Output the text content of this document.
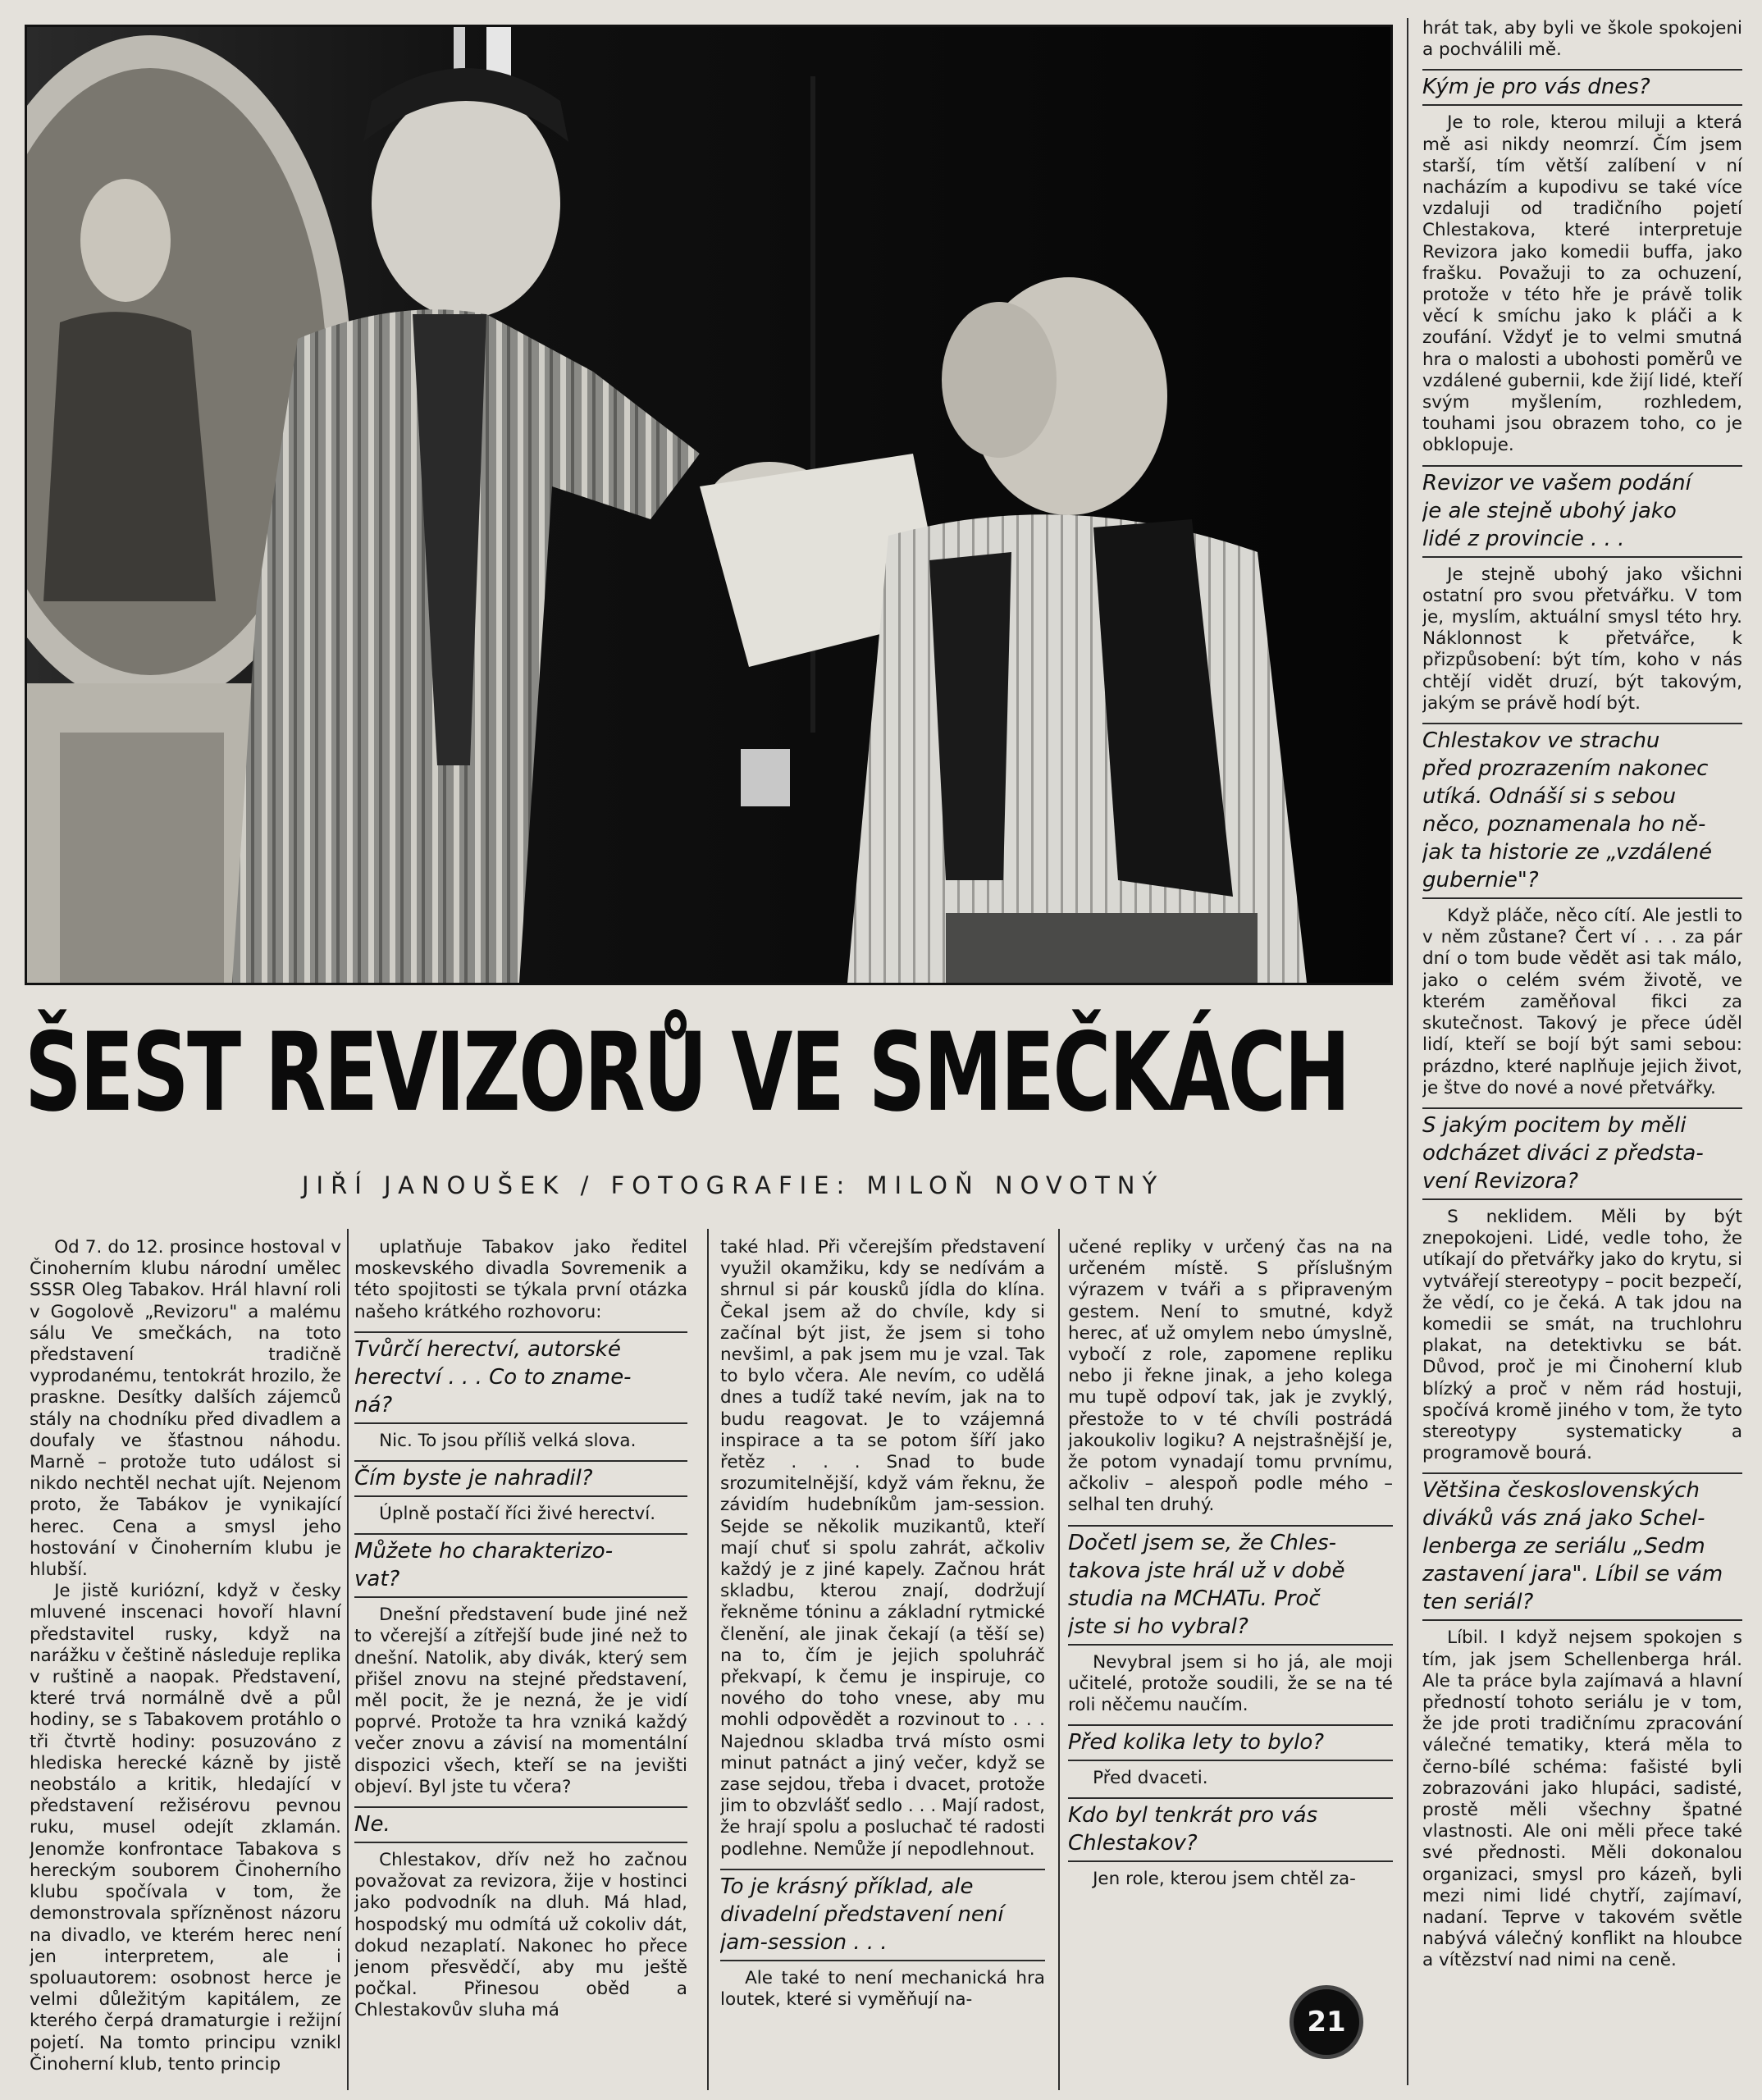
ŠEST REVIZORŮ VE SMEČKÁCH
JIŘÍ JANOUŠEK / FOTOGRAFIE: MILOŇ NOVOTNÝ

Od 7. do 12. prosince hostoval v Činoherním klubu národní umělec SSSR Oleg Tabakov. Hrál hlavní roli v Gogolově „Revizoru" a malému sálu Ve smečkách, na toto představení tradičně vyprodanému, tentokrát hrozilo, že praskne. Desítky dalších zájemců stály na chodníku před divadlem a doufaly ve šťastnou náhodu. Marně – protože tuto událost si nikdo nechtěl nechat ujít. Nejenom proto, že Tabákov je vynikající herec. Cena a smysl jeho hostování v Činoherním klubu je hlubší.

Je jistě kuriózní, když v česky mluvené inscenaci hovoří hlavní představitel rusky, když na narážku v češtině následuje replika v ruštině a naopak. Představení, které trvá normálně dvě a půl hodiny, se s Tabakovem protáhlo o tři čtvrtě hodiny: posuzováno z hlediska herecké kázně by jistě neobstálo a kritik, hledající v představení režisérovu pevnou ruku, musel odejít zklamán. Jenomže konfrontace Tabakova s hereckým souborem Činoherního klubu spočívala v tom, že demonstrovala spřízněnost názoru na divadlo, ve kterém herec není jen interpretem, ale i spoluautorem: osobnost herce je velmi důležitým kapitálem, ze kterého čerpá dramaturgie i režijní pojetí. Na tomto principu vznikl Činoherní klub, tento princip

uplatňuje Tabakov jako ředitel moskevského divadla Sovremenik a této spojitosti se týkala první otázka našeho krátkého rozhovoru:

Tvůrčí herectví, autorské
herectví . . . Co to zname-
ná?

Nic. To jsou příliš velká slova.

Čím byste je nahradil?

Úplně postačí říci živé herectví.

Můžete ho charakterizo-
vat?

Dnešní představení bude jiné než to včerejší a zítřejší bude jiné než to dnešní. Natolik, aby divák, který sem přišel znovu na stejné představení, měl pocit, že je nezná, že je vidí poprvé. Protože ta hra vzniká každý večer znovu a závisí na momentální dispozici všech, kteří se na jevišti objeví. Byl jste tu včera?

Ne.

Chlestakov, dřív než ho začnou považovat za revizora, žije v hostinci jako podvodník na dluh. Má hlad, hospodský mu odmítá už cokoliv dát, dokud nezaplatí. Nakonec ho přece jenom přesvědčí, aby mu ještě počkal. Přinesou oběd a Chlestakovův sluha má

také hlad. Při včerejším představení využil okamžiku, kdy se nedívám a shrnul si pár kousků jídla do klína. Čekal jsem až do chvíle, kdy si začínal být jist, že jsem si toho nevšiml, a pak jsem mu je vzal. Tak to bylo včera. Ale nevím, co udělá dnes a tudíž také nevím, jak na to budu reagovat. Je to vzájemná inspirace a ta se potom šíří jako řetěz . . . Snad to bude srozumitelnější, když vám řeknu, že závidím hudebníkům jam-session. Sejde se několik muzikantů, kteří mají chuť si spolu zahrát, ačkoliv každý je z jiné kapely. Začnou hrát skladbu, kterou znají, dodržují řekněme tóninu a základní rytmické členění, ale jinak čekají (a těší se) na to, čím je jejich spoluhráč překvapí, k čemu je inspiruje, co nového do toho vnese, aby mu mohli odpovědět a rozvinout to . . . Najednou skladba trvá místo osmi minut patnáct a jiný večer, když se zase sejdou, třeba i dvacet, protože jim to obzvlášť sedlo . . . Mají radost, že hrají spolu a posluchač té radosti podlehne. Nemůže jí nepodlehnout.

To je krásný příklad, ale
divadelní představení není
jam-session . . .

Ale také to není mechanická hra loutek, které si vyměňují na-

učené repliky v určený čas na na určeném místě. S příslušným výrazem v tváři a s připraveným gestem. Není to smutné, když herec, ať už omylem nebo úmyslně, vybočí z role, zapomene repliku nebo ji řekne jinak, a jeho kolega mu tupě odpoví tak, jak je zvyklý, přestože to v té chvíli postrádá jakoukoliv logiku? A nejstrašnější je, že potom vynadají tomu prvnímu, ačkoliv – alespoň podle mého – selhal ten druhý.

Dočetl jsem se, že Chles-
takova jste hrál už v době
studia na MCHATu. Proč
jste si ho vybral?

Nevybral jsem si ho já, ale moji učitelé, protože soudili, že se na té roli něčemu naučím.

Před kolika lety to bylo?

Před dvaceti.

Kdo byl tenkrát pro vás
Chlestakov?

Jen role, kterou jsem chtěl za-

hrát tak, aby byli ve škole spokojeni a pochválili mě.

Kým je pro vás dnes?

Je to role, kterou miluji a která mě asi nikdy neomrzí. Čím jsem starší, tím větší zalíbení v ní nacházím a kupodivu se také více vzdaluji od tradičního pojetí Chlestakova, které interpretuje Revizora jako komedii buffa, jako frašku. Považuji to za ochuzení, protože v této hře je právě tolik věcí k smíchu jako k pláči a k zoufání. Vždyť je to velmi smutná hra o malosti a ubohosti poměrů ve vzdálené gubernii, kde žijí lidé, kteří svým myšlením, rozhledem, touhami jsou obrazem toho, co je obklopuje.

Revizor ve vašem podání
je ale stejně ubohý jako
lidé z provincie . . .

Je stejně ubohý jako všichni ostatní pro svou přetvářku. V tom je, myslím, aktuální smysl této hry. Náklonnost k přetvářce, k přizpůsobení: být tím, koho v nás chtějí vidět druzí, být takovým, jakým se právě hodí být.

Chlestakov ve strachu
před prozrazením nakonec
utíká. Odnáší si s sebou
něco, poznamenala ho ně-
jak ta historie ze „vzdálené
gubernie"?

Když pláče, něco cítí. Ale jestli to v něm zůstane? Čert ví . . . za pár dní o tom bude vědět asi tak málo, jako o celém svém životě, ve kterém zaměňoval fikci za skutečnost. Takový je přece úděl lidí, kteří se bojí být sami sebou: prázdno, které naplňuje jejich život, je štve do nové a nové přetvářky.

S jakým pocitem by měli
odcházet diváci z předsta-
vení Revizora?

S neklidem. Měli by být znepokojeni. Lidé, vedle toho, že utíkají do přetvářky jako do krytu, si vytvářejí stereotypy – pocit bezpečí, že vědí, co je čeká. A tak jdou na komedii se smát, na truchlohru plakat, na detektivku se bát. Důvod, proč je mi Činoherní klub blízký a proč v něm rád hostuji, spočívá kromě jiného v tom, že tyto stereotypy systematicky a programově bourá.

Většina československých
diváků vás zná jako Schel-
lenberga ze seriálu „Sedm
zastavení jara". Líbil se vám
ten seriál?

Líbil. I když nejsem spokojen s tím, jak jsem Schellenberga hrál. Ale ta práce byla zajímavá a hlavní předností tohoto seriálu je v tom, že jde proti tradičnímu zpracování válečné tematiky, která měla to černo-bílé schéma: fašisté byli zobrazováni jako hlupáci, sadisté, prostě měli všechny špatné vlastnosti. Ale oni měli přece také své přednosti. Měli dokonalou organizaci, smysl pro kázeň, byli mezi nimi lidé chytří, zajímaví, nadaní. Teprve v takovém světle nabývá válečný konflikt na hloubce a vítězství nad nimi na ceně.

21
